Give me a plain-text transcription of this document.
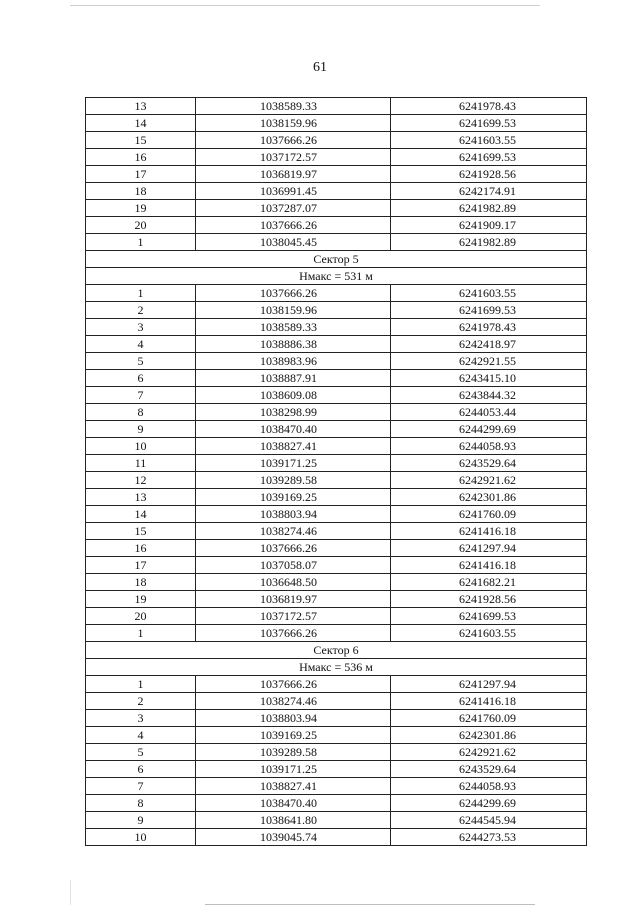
61
13	1038589.33	6241978.43
14	1038159.96	6241699.53
15	1037666.26	6241603.55
16	1037172.57	6241699.53
17	1036819.97	6241928.56
18	1036991.45	6242174.91
19	1037287.07	6241982.89
20	1037666.26	6241909.17
1	1038045.45	6241982.89
Сектор 5		
Нмакс = 531 м		
1	1037666.26	6241603.55
2	1038159.96	6241699.53
3	1038589.33	6241978.43
4	1038886.38	6242418.97
5	1038983.96	6242921.55
6	1038887.91	6243415.10
7	1038609.08	6243844.32
8	1038298.99	6244053.44
9	1038470.40	6244299.69
10	1038827.41	6244058.93
11	1039171.25	6243529.64
12	1039289.58	6242921.62
13	1039169.25	6242301.86
14	1038803.94	6241760.09
15	1038274.46	6241416.18
16	1037666.26	6241297.94
17	1037058.07	6241416.18
18	1036648.50	6241682.21
19	1036819.97	6241928.56
20	1037172.57	6241699.53
1	1037666.26	6241603.55
Сектор 6		
Нмакс = 536 м		
1	1037666.26	6241297.94
2	1038274.46	6241416.18
3	1038803.94	6241760.09
4	1039169.25	6242301.86
5	1039289.58	6242921.62
6	1039171.25	6243529.64
7	1038827.41	6244058.93
8	1038470.40	6244299.69
9	1038641.80	6244545.94
10	1039045.74	6244273.53
